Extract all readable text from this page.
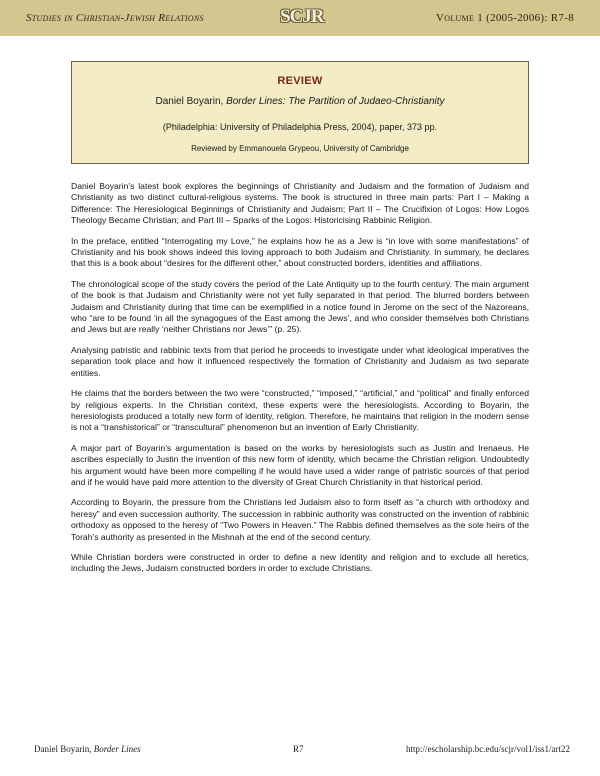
Studies in Christian-Jewish Relations	SCJR	Volume 1 (2005-2006): R7-8
REVIEW
Daniel Boyarin, Border Lines: The Partition of Judaeo-Christianity
(Philadelphia: University of Philadelphia Press, 2004), paper, 373 pp.
Reviewed by Emmanouela Grypeou, University of Cambridge

Daniel Boyarin’s latest book explores the beginnings of Christianity and Judaism and the formation of Judaism and Christianity as two distinct cultural-religious systems. The book is structured in three main parts: Part I – Making a Difference: The Heresiological Beginnings of Christianity and Judaism; Part II – The Crucifixion of Logos: How Logos Theology Became Christian; and Part III – Sparks of the Logos: Historicising Rabbinic Religion.

In the preface, entitled “Interrogating my Love,” he explains how he as a Jew is “in love with some manifestations” of Christianity and his book shows indeed this loving approach to both Judaism and Christianity. In summary, he declares that this is a book about “desires for the different other,” about constructed borders, identities and affiliations.

The chronological scope of the study covers the period of the Late Antiquity up to the fourth century. The main argument of the book is that Judaism and Christianity were not yet fully separated in that period. The blurred borders between Judaism and Christianity during that time can be exemplified in a notice found in Jerome on the sect of the Nazoreans, who “are to be found ‘in all the synagogues of the East among the Jews’, and who consider themselves both Christians and Jews but are really ‘neither Christians nor Jews’” (p. 25).

Analysing patristic and rabbinic texts from that period he proceeds to investigate under what ideological imperatives the separation took place and how it influenced respectively the formation of Christianity and Judaism as two separate entities.

He claims that the borders between the two were “constructed,” “imposed,” “artificial,” and “political” and finally enforced by religious experts. In the Christian context, these experts were the heresiologists. According to Boyarin, the heresiologists produced a totally new form of identity, religion. Therefore, he maintains that religion in the modern sense is not a “transhistorical” or “transcultural” phenomenon but an invention of Early Christianity.

A major part of Boyarin’s argumentation is based on the works by heresiologists such as Justin and Irenaeus. He ascribes especially to Justin the invention of this new form of identity, which became the Christian religion. Undoubtedly his argument would have been more compelling if he would have used a wider range of patristic sources of that period and if he would have paid more attention to the diversity of Great Church Christianity in that historical period.

According to Boyarin, the pressure from the Christians led Judaism also to form itself as “a church with orthodoxy and heresy” and even succession authority. The succession in rabbinic authority was constructed on the invention of rabbinic orthodoxy as opposed to the heresy of “Two Powers in Heaven.” The Rabbis defined themselves as the sole heirs of the Torah’s authority as presented in the Mishnah at the end of the second century.

While Christian borders were constructed in order to define a new identity and religion and to exclude all heretics, including the Jews, Judaism constructed borders in order to exclude Christians.

Daniel Boyarin, Border Lines	R7	http://escholarship.bc.edu/scjr/vol1/iss1/art22
